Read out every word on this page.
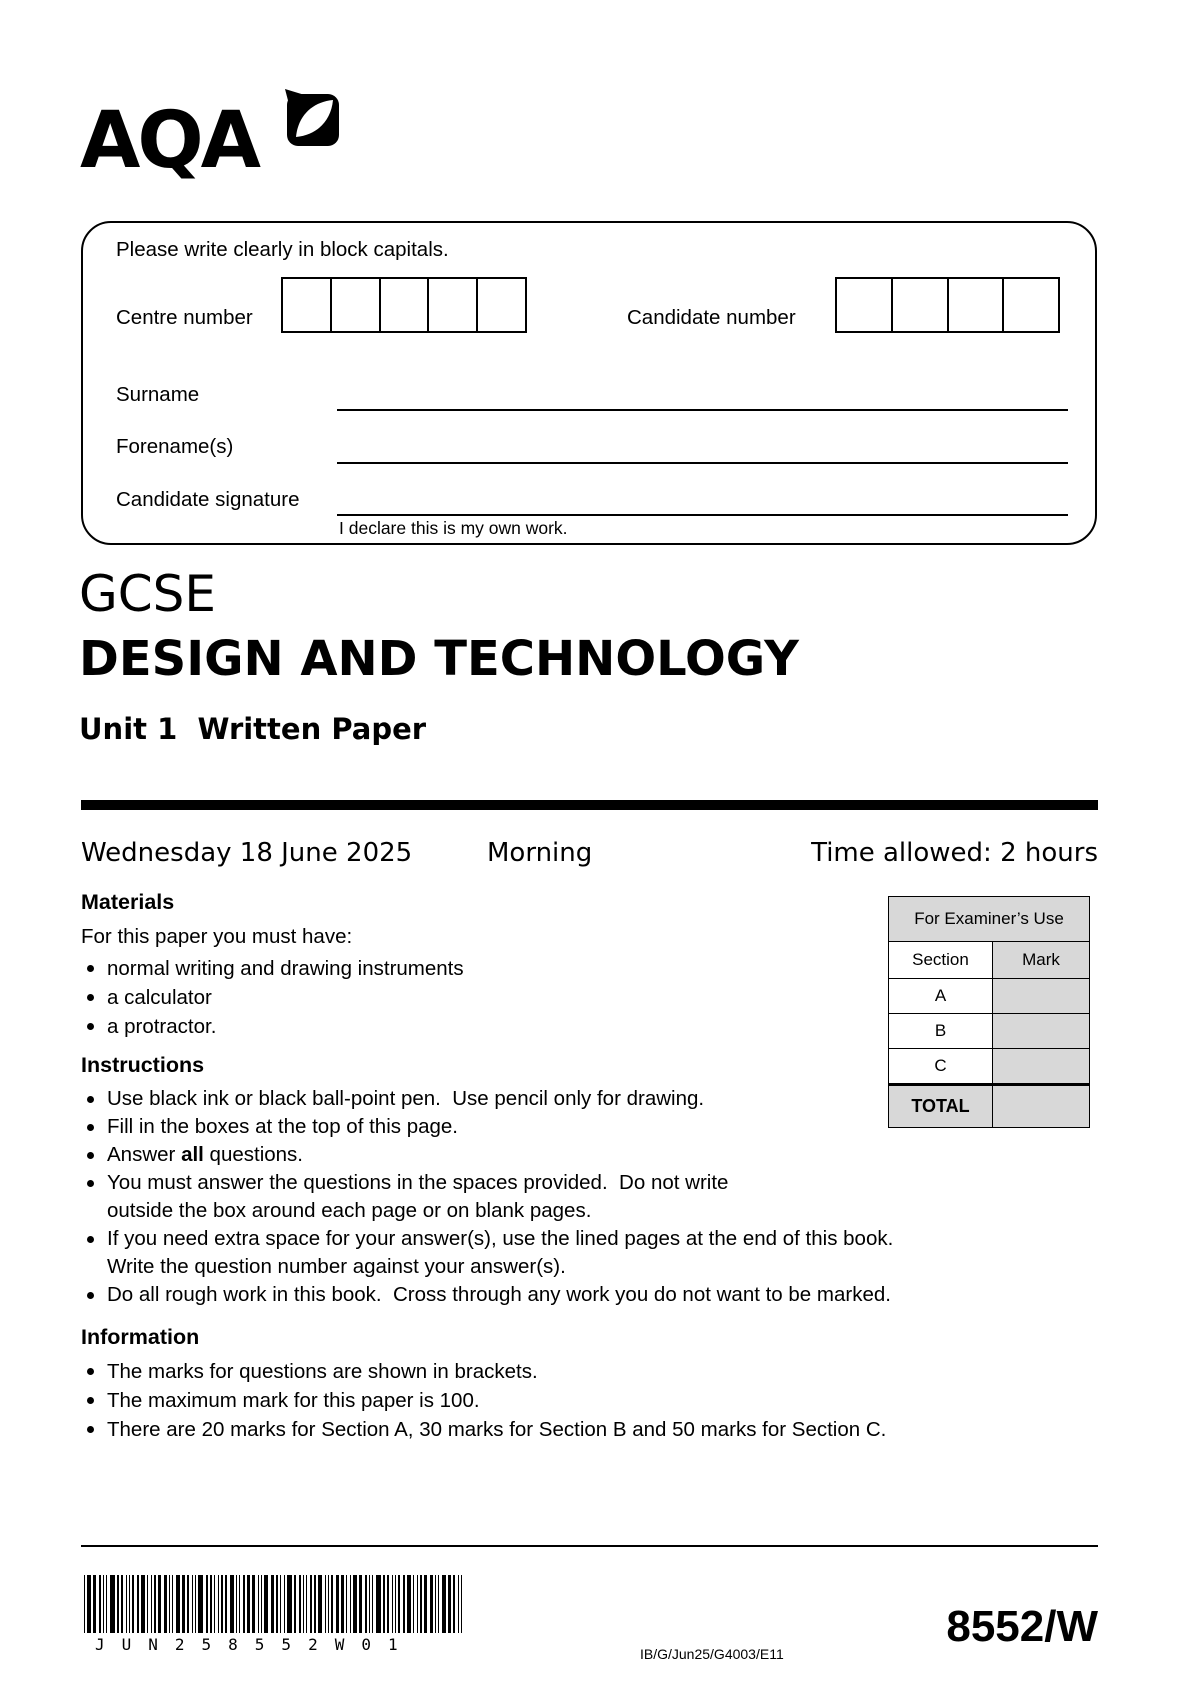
AQA
Please write clearly in block capitals.
Centre number	Candidate number
Surname
Forename(s)
Candidate signature
I declare this is my own work.
GCSE
DESIGN AND TECHNOLOGY
Unit 1  Written Paper
Wednesday 18 June 2025	Morning	Time allowed: 2 hours
Materials

For this paper you must have:

normal writing and drawing instruments
a calculator
a protractor.
For Examiner’s Use
Section	Mark
A
B
C
TOTAL
Instructions
Use black ink or black ball-point pen.  Use pencil only for drawing.
Fill in the boxes at the top of this page.
Answer all questions.
You must answer the questions in the spaces provided.  Do not write outside the box around each page or on blank pages.
If you need extra space for your answer(s), use the lined pages at the end of this book.  Write the question number against your answer(s).
Do all rough work in this book.  Cross through any work you do not want to be marked.
Information
The marks for questions are shown in brackets.
The maximum mark for this paper is 100.
There are 20 marks for Section A, 30 marks for Section B and 50 marks for Section C.
JUN258552W01	IB/G/Jun25/G4003/E11
8552/W
